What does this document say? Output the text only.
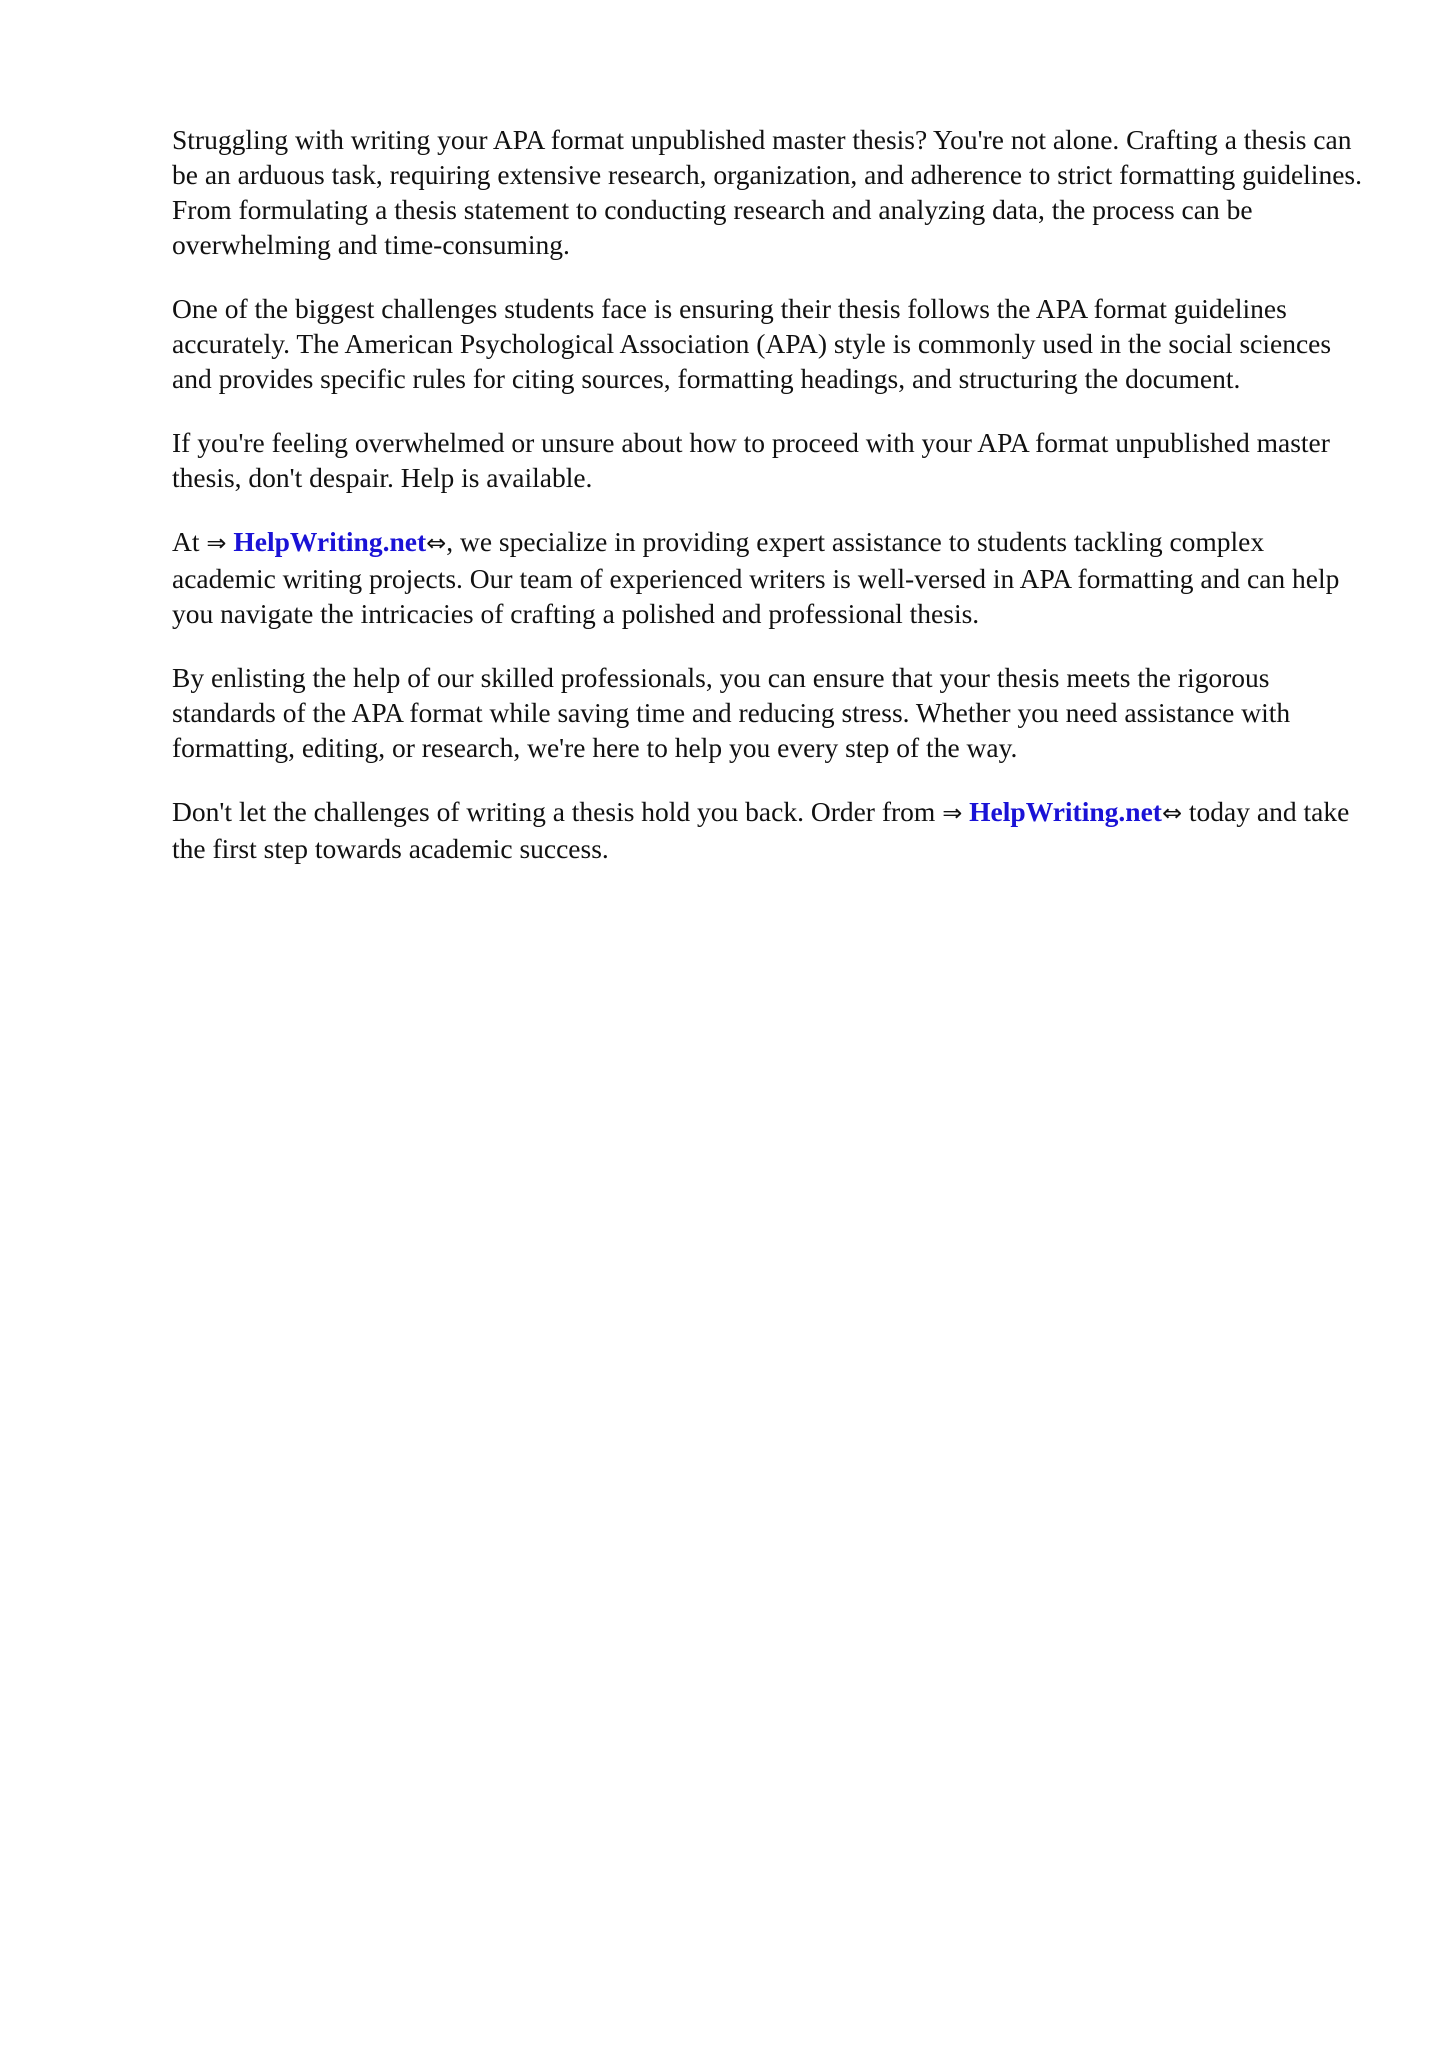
Struggling with writing your APA format unpublished master thesis? You're not alone. Crafting a thesis can be an arduous task, requiring extensive research, organization, and adherence to strict formatting guidelines. From formulating a thesis statement to conducting research and analyzing data, the process can be overwhelming and time-consuming.

One of the biggest challenges students face is ensuring their thesis follows the APA format guidelines accurately. The American Psychological Association (APA) style is commonly used in the social sciences and provides specific rules for citing sources, formatting headings, and structuring the document.

If you're feeling overwhelmed or unsure about how to proceed with your APA format unpublished master thesis, don't despair. Help is available.

At ⇒ HelpWriting.net⇔, we specialize in providing expert assistance to students tackling complex academic writing projects. Our team of experienced writers is well-versed in APA formatting and can help you navigate the intricacies of crafting a polished and professional thesis.

By enlisting the help of our skilled professionals, you can ensure that your thesis meets the rigorous standards of the APA format while saving time and reducing stress. Whether you need assistance with formatting, editing, or research, we're here to help you every step of the way.

Don't let the challenges of writing a thesis hold you back. Order from ⇒ HelpWriting.net⇔ today and take the first step towards academic success.
